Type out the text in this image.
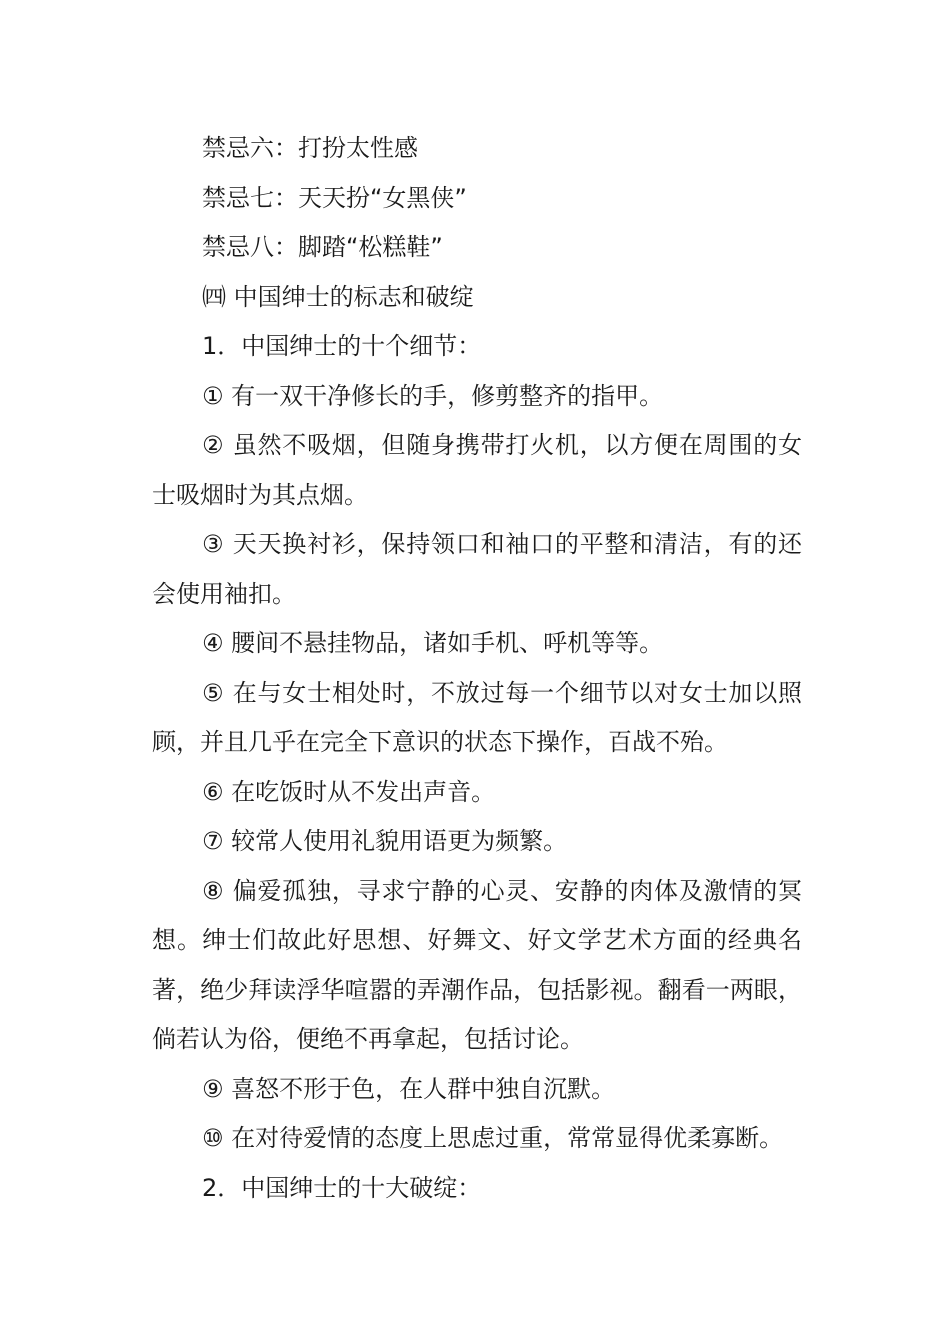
禁忌六：打扮太性感

禁忌七：天天扮“女黑侠”

禁忌八：脚踏“松糕鞋”

㈣ 中国绅士的标志和破绽

1．中国绅士的十个细节：

① 有一双干净修长的手，修剪整齐的指甲。

② 虽然不吸烟，但随身携带打火机，以方便在周围的女士吸烟时为其点烟。

③ 天天换衬衫，保持领口和袖口的平整和清洁，有的还会使用袖扣。

④ 腰间不悬挂物品，诸如手机、呼机等等。

⑤ 在与女士相处时，不放过每一个细节以对女士加以照顾，并且几乎在完全下意识的状态下操作，百战不殆。

⑥ 在吃饭时从不发出声音。

⑦ 较常人使用礼貌用语更为频繁。

⑧ 偏爱孤独，寻求宁静的心灵、安静的肉体及激情的冥想。绅士们故此好思想、好舞文、好文学艺术方面的经典名著，绝少拜读浮华喧嚣的弄潮作品，包括影视。翻看一两眼，倘若认为俗，便绝不再拿起，包括讨论。

⑨ 喜怒不形于色，在人群中独自沉默。

⑩ 在对待爱情的态度上思虑过重，常常显得优柔寡断。

2．中国绅士的十大破绽：
